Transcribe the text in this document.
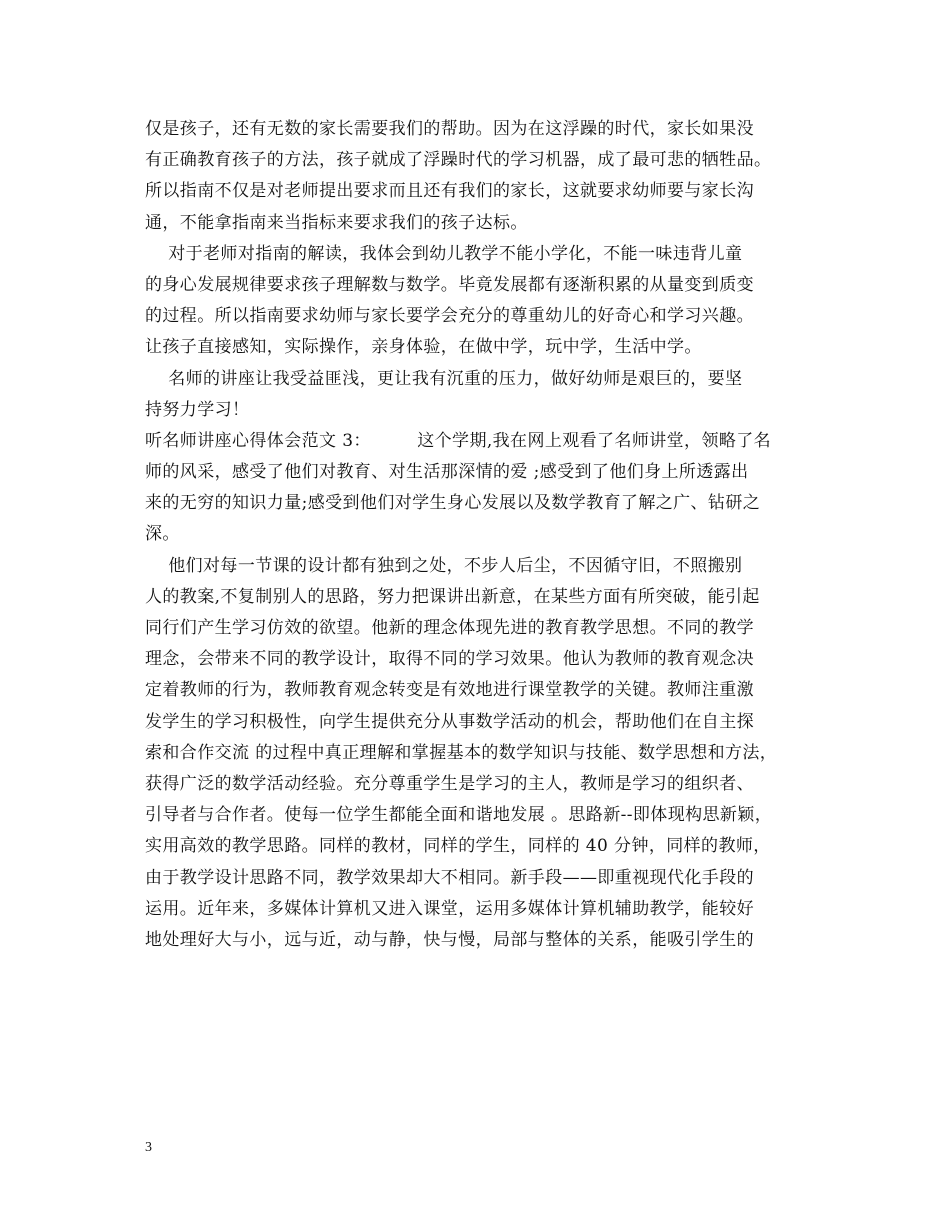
仅是孩子，还有无数的家长需要我们的帮助。因为在这浮躁的时代，家长如果没
有正确教育孩子的方法，孩子就成了浮躁时代的学习机器，成了最可悲的牺牲品。
所以指南不仅是对老师提出要求而且还有我们的家长，这就要求幼师要与家长沟
通，不能拿指南来当指标来要求我们的孩子达标。
对于老师对指南的解读，我体会到幼儿教学不能小学化，不能一味违背儿童
的身心发展规律要求孩子理解数与数学。毕竟发展都有逐渐积累的从量变到质变
的过程。所以指南要求幼师与家长要学会充分的尊重幼儿的好奇心和学习兴趣。
让孩子直接感知，实际操作，亲身体验，在做中学，玩中学，生活中学。
名师的讲座让我受益匪浅，更让我有沉重的压力，做好幼师是艰巨的，要坚
持努力学习！
听名师讲座心得体会范文 3：        这个学期,我在网上观看了名师讲堂，领略了名
师的风采，感受了他们对教育、对生活那深情的爱 ;感受到了他们身上所透露出
来的无穷的知识力量;感受到他们对学生身心发展以及数学教育了解之广、钻研之
深。
他们对每一节课的设计都有独到之处，不步人后尘，不因循守旧，不照搬别
人的教案,不复制别人的思路，努力把课讲出新意，在某些方面有所突破，能引起
同行们产生学习仿效的欲望。他新的理念体现先进的教育教学思想。不同的教学
理念，会带来不同的教学设计，取得不同的学习效果。他认为教师的教育观念决
定着教师的行为，教师教育观念转变是有效地进行课堂教学的关键。教师注重激
发学生的学习积极性，向学生提供充分从事数学活动的机会，帮助他们在自主探
索和合作交流 的过程中真正理解和掌握基本的数学知识与技能、数学思想和方法，
获得广泛的数学活动经验。充分尊重学生是学习的主人，教师是学习的组织者、
引导者与合作者。使每一位学生都能全面和谐地发展 。思路新--即体现构思新颖，
实用高效的教学思路。同样的教材，同样的学生，同样的 40 分钟，同样的教师，
由于教学设计思路不同，教学效果却大不相同。新手段——即重视现代化手段的
运用。近年来，多媒体计算机又进入课堂，运用多媒体计算机辅助教学，能较好
地处理好大与小，远与近，动与静，快与慢，局部与整体的关系，能吸引学生的
3
